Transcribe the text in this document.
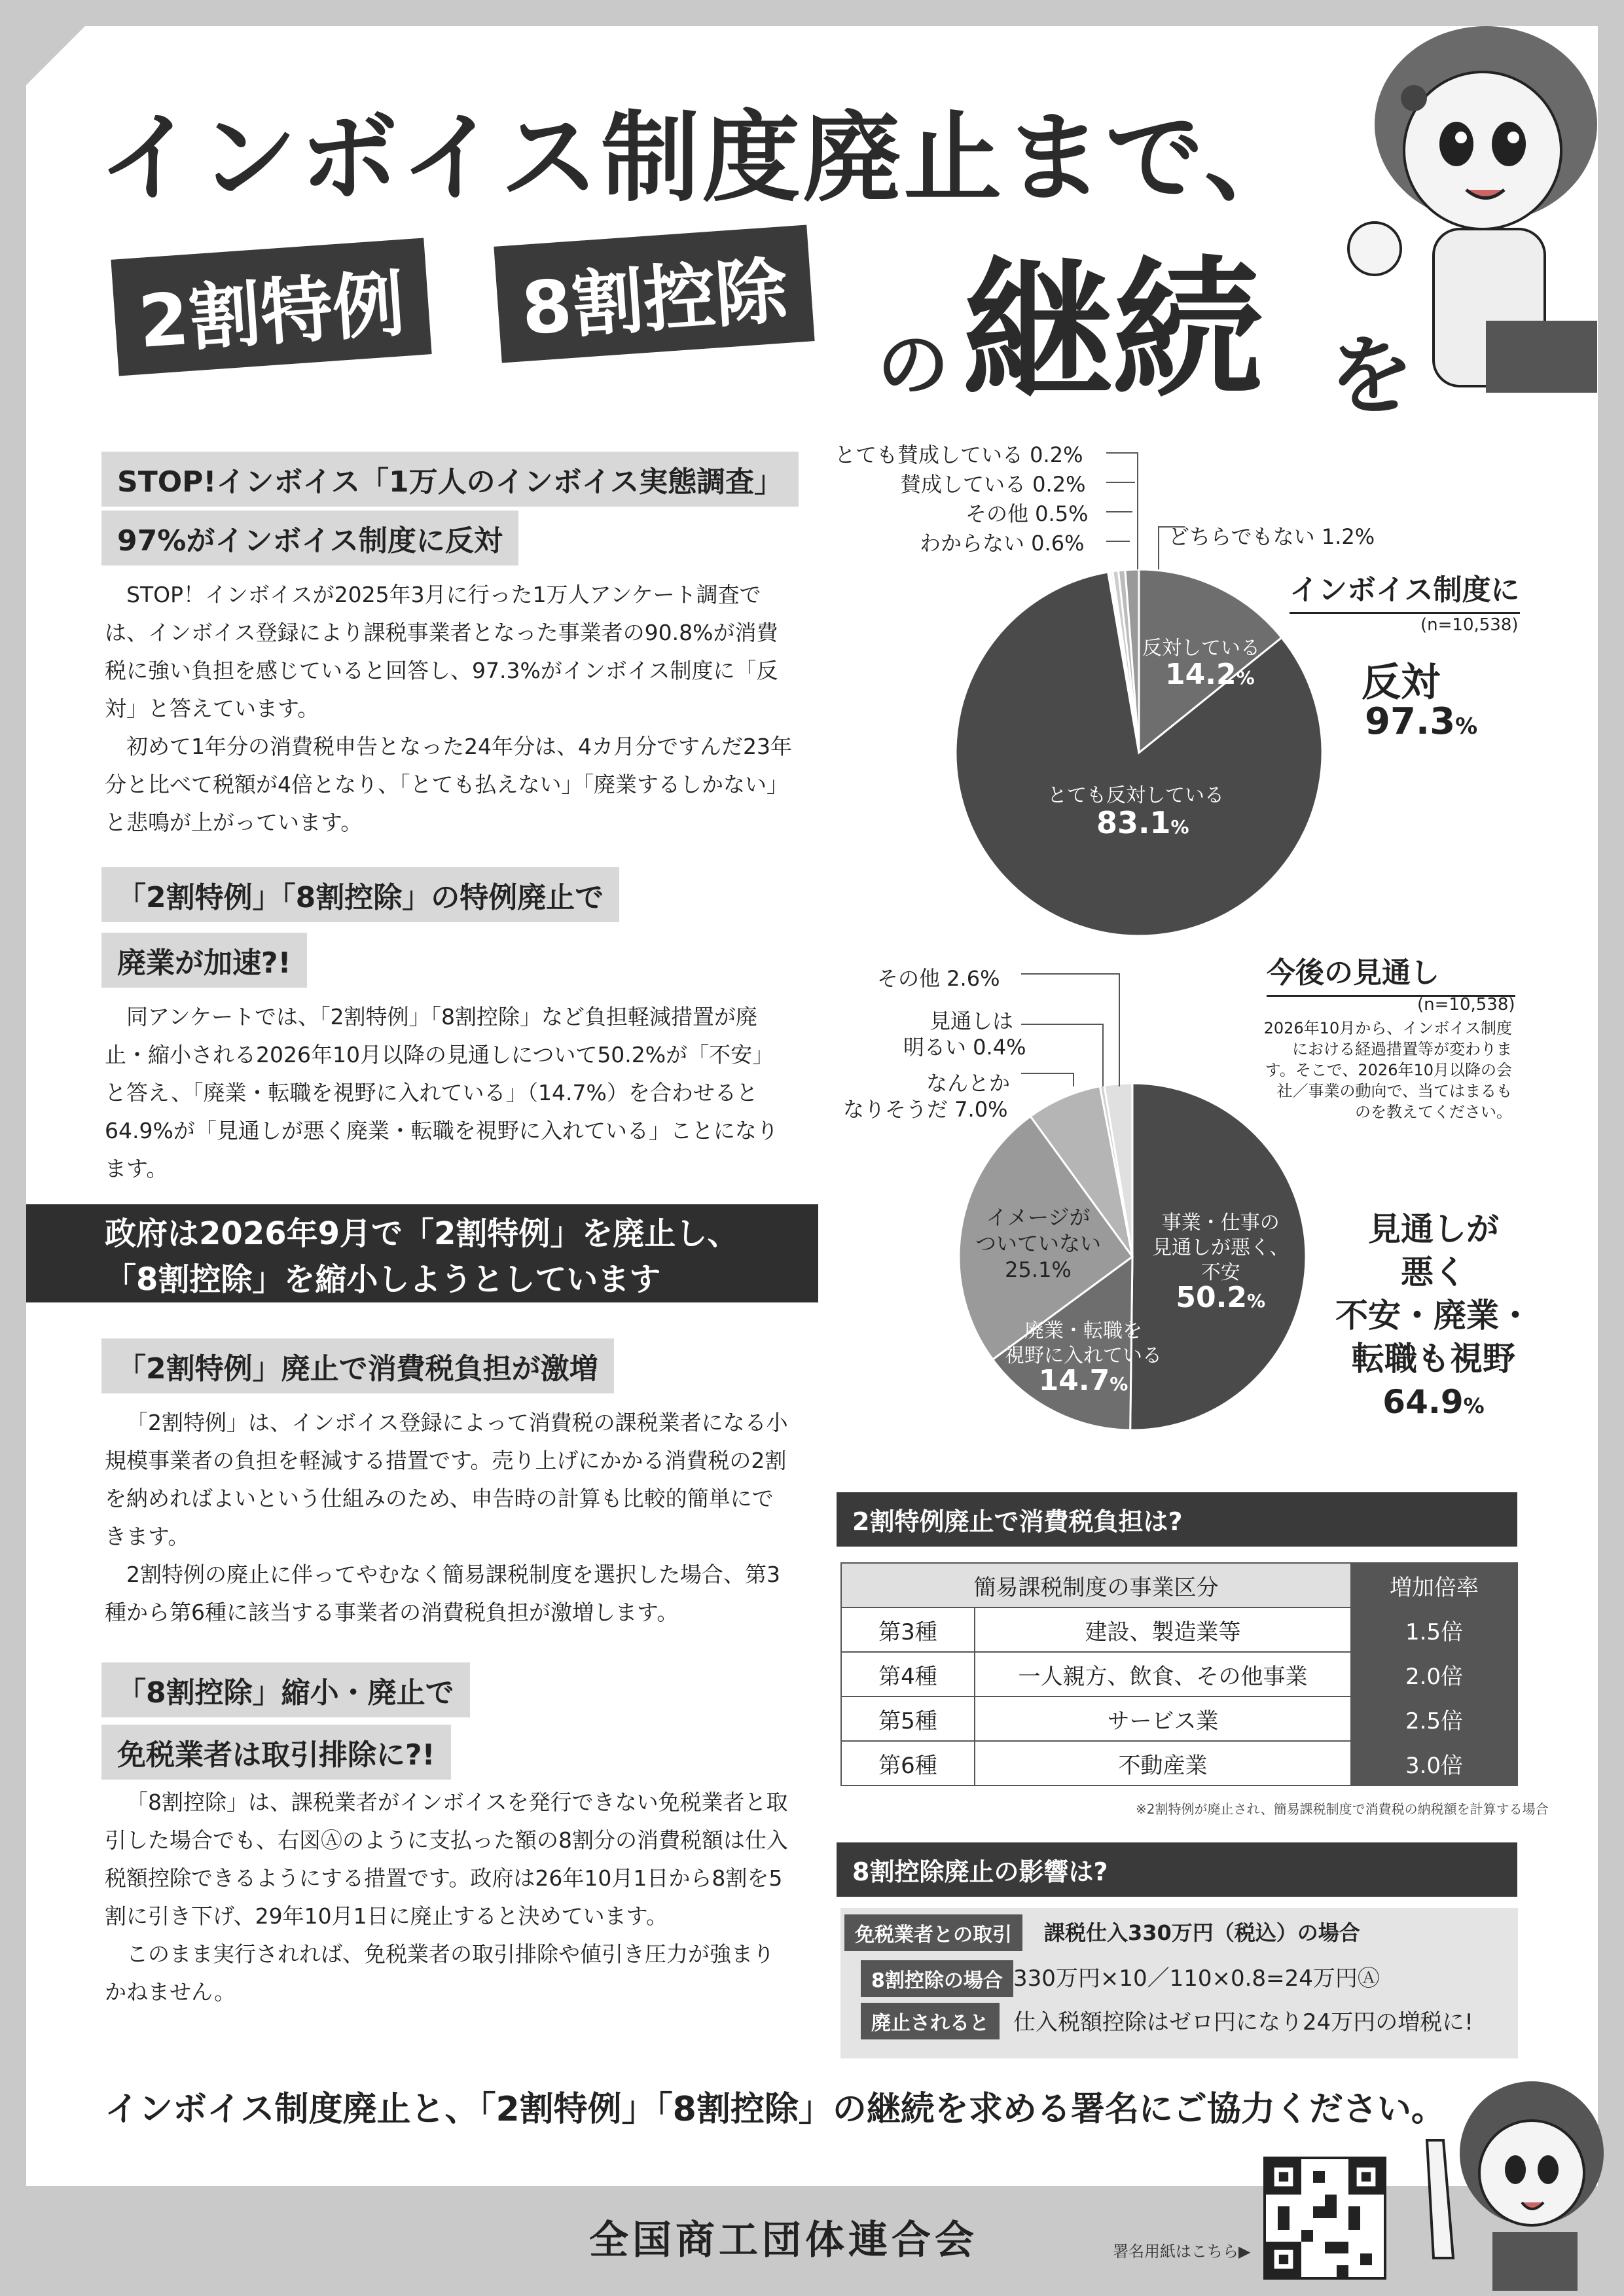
インボイス制度廃止まで、
2割特例	8割控除
の 継続 を
STOP!インボイス「1万人のインボイス実態調査」
97%がインボイス制度に反対

STOP！インボイスが2025年3月に行った1万人アンケート調査では、インボイス登録により課税事業者となった事業者の90.8%が消費税に強い負担を感じていると回答し、97.3%がインボイス制度に「反対」と答えています。

初めて1年分の消費税申告となった24年分は、4カ月分ですんだ23年分と比べて税額が4倍となり、「とても払えない」「廃業するしかない」と悲鳴が上がっています。

「2割特例」「8割控除」の特例廃止で
廃業が加速?!

同アンケートでは、「2割特例」「8割控除」など負担軽減措置が廃止・縮小される2026年10月以降の見通しについて50.2%が「不安」と答え、「廃業・転職を視野に入れている」（14.7%）を合わせると64.9%が「見通しが悪く廃業・転職を視野に入れている」ことになります。

政府は2026年9月で「2割特例」を廃止し、
「8割控除」を縮小しようとしています
「2割特例」廃止で消費税負担が激増

「2割特例」は、インボイス登録によって消費税の課税業者になる小規模事業者の負担を軽減する措置です。売り上げにかかる消費税の2割を納めればよいという仕組みのため、申告時の計算も比較的簡単にできます。

2割特例の廃止に伴ってやむなく簡易課税制度を選択した場合、第3種から第6種に該当する事業者の消費税負担が激増します。

「8割控除」縮小・廃止で
免税業者は取引排除に?!

「8割控除」は、課税業者がインボイスを発行できない免税業者と取引した場合でも、右図Ⓐのように支払った額の8割分の消費税額は仕入税額控除できるようにする措置です。政府は26年10月1日から8割を5割に引き下げ、29年10月1日に廃止すると決めています。

このまま実行されれば、免税業者の取引排除や値引き圧力が強まりかねません。

とても賛成している 0.2%
賛成している 0.2%
その他 0.5%
わからない 0.6%	どちらでもない 1.2%
インボイス制度に
(n=10,538)
反対
97.3%
反対している
14.2%
とても反対している
83.1%
今後の見通し
(n=10,538)
2026年10月から、インボイス制度における経過措置等が変わります。そこで、2026年10月以降の会社／事業の動向で、当てはまるものを教えてください。
その他 2.6%
見通しは
明るい 0.4%
なんとか
なりそうだ 7.0%
イメージが
ついていない
25.1%
事業・仕事の
見通しが悪く、
不安
50.2%
廃業・転職を
視野に入れている
14.7%
見通しが
悪く
不安・廃業・
転職も視野
64.9%
2割特例廃止で消費税負担は?
簡易課税制度の事業区分		増加倍率
第3種	建設、製造業等	1.5倍
第4種	一人親方、飲食、その他事業	2.0倍
第5種	サービス業	2.5倍
第6種	不動産業	3.0倍
※2割特例が廃止され、簡易課税制度で消費税の納税額を計算する場合
8割控除廃止の影響は?
免税業者との取引	課税仕入330万円（税込）の場合
8割控除の場合 330万円×10／110×0.8=24万円Ⓐ
廃止されると	仕入税額控除はゼロ円になり24万円の増税に!
インボイス制度廃止と、「2割特例」「8割控除」の継続を求める署名にご協力ください。
全国商工団体連合会	署名用紙はこちら▶
